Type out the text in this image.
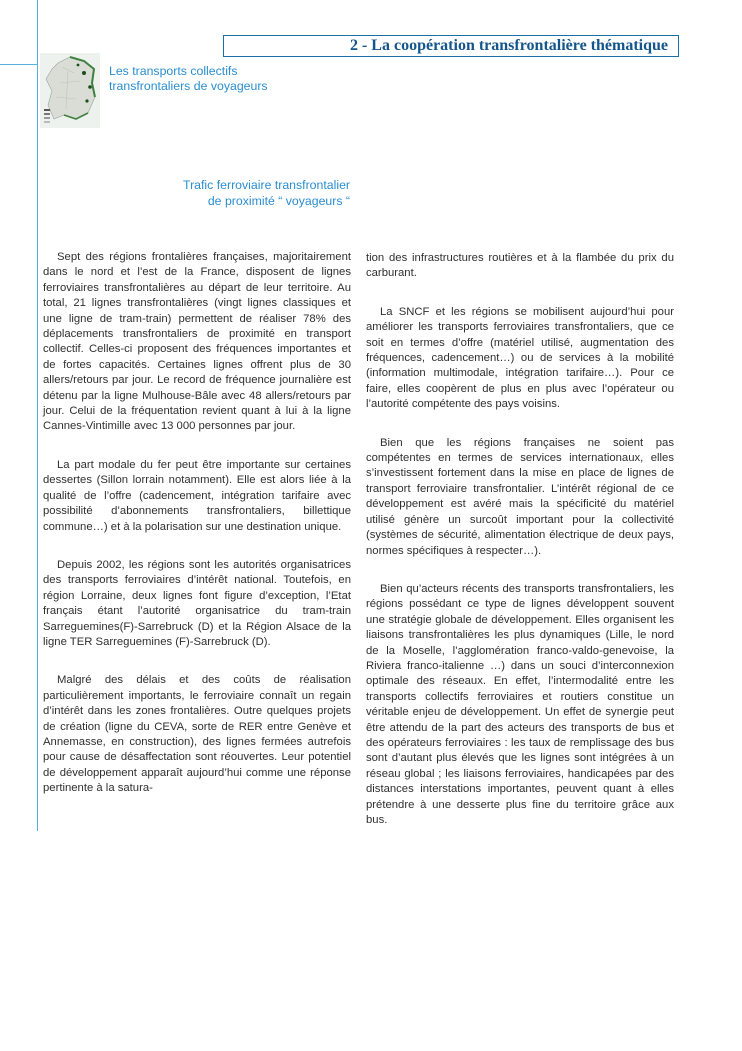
2 - La coopération transfrontalière thématique
Les transports collectifs
transfrontaliers de voyageurs
Trafic ferroviaire transfrontalier
de proximité “ voyageurs “

Sept des régions frontalières françaises, majoritairement dans le nord et l’est de la France, disposent de lignes ferroviaires transfrontalières au départ de leur territoire. Au total, 21 lignes transfrontalières (vingt lignes classiques et une ligne de tram-train) permettent de réaliser 78% des déplacements transfrontaliers de proximité en transport collectif. Celles-ci proposent des fréquences importantes et de fortes capacités. Certaines lignes offrent plus de 30 allers/retours par jour. Le record de fréquence journalière est détenu par la ligne Mulhouse-Bâle avec 48 allers/retours par jour. Celui de la fréquentation revient quant à lui à la ligne Cannes-Vintimille avec 13 000 personnes par jour.

La part modale du fer peut être importante sur certaines dessertes (Sillon lorrain notamment). Elle est alors liée à la qualité de l’offre (cadencement, intégration tarifaire avec possibilité d’abonnements transfrontaliers, billettique commune…) et à la polarisation sur une destination unique.

Depuis 2002, les régions sont les autorités organisatrices des transports ferroviaires d’intérêt national. Toutefois, en région Lorraine, deux lignes font figure d’exception, l’Etat français étant l’autorité organisatrice du tram-train Sarreguemines(F)-Sarrebruck (D) et la Région Alsace de la ligne TER Sarreguemines (F)-Sarrebruck (D).

Malgré des délais et des coûts de réalisation particulièrement importants, le ferroviaire connaît un regain d’intérêt dans les zones frontalières. Outre quelques projets de création (ligne du CEVA, sorte de RER entre Genève et Annemasse, en construction), des lignes fermées autrefois pour cause de désaffectation sont réouvertes. Leur potentiel de développement apparaît aujourd’hui comme une réponse pertinente à la satura-

tion des infrastructures routières et à la flambée du prix du carburant.

La SNCF et les régions se mobilisent aujourd’hui pour améliorer les transports ferroviaires transfrontaliers, que ce soit en termes d’offre (matériel utilisé, augmentation des fréquences, cadencement…) ou de services à la mobilité (information multimodale, intégration tarifaire…). Pour ce faire, elles coopèrent de plus en plus avec l’opérateur ou l’autorité compétente des pays voisins.

Bien que les régions françaises ne soient pas compétentes en termes de services internationaux, elles s’investissent fortement dans la mise en place de lignes de transport ferroviaire transfrontalier. L’intérêt régional de ce développement est avéré mais la spécificité du matériel utilisé génère un surcoût important pour la collectivité (systèmes de sécurité, alimentation électrique de deux pays, normes spécifiques à respecter…).

Bien qu’acteurs récents des transports transfrontaliers, les régions possédant ce type de lignes développent souvent une stratégie globale de développement. Elles organisent les liaisons transfrontalières les plus dynamiques (Lille, le nord de la Moselle, l’agglomération franco-valdo-genevoise, la Riviera franco-italienne …) dans un souci d’interconnexion optimale des réseaux. En effet, l’intermodalité entre les transports collectifs ferroviaires et routiers constitue un véritable enjeu de développement. Un effet de synergie peut être attendu de la part des acteurs des transports de bus et des opérateurs ferroviaires : les taux de remplissage des bus sont d’autant plus élevés que les lignes sont intégrées à un réseau global ; les liaisons ferroviaires, handicapées par des distances interstations importantes, peuvent quant à elles prétendre à une desserte plus fine du territoire grâce aux bus.
